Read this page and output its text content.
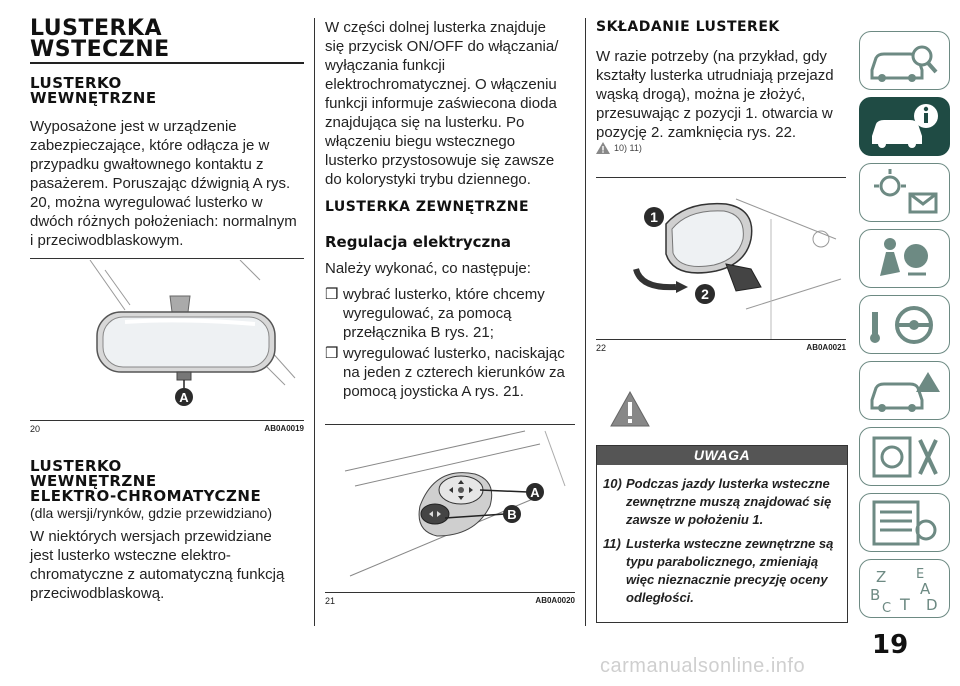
LUSTERKA
WSTECZNE
LUSTERKO
WEWNĘTRZNE

Wyposażone jest w urządzenie zabezpieczające, które odłącza je w przypadku gwałtownego kontaktu z pasażerem. Poruszając dźwignią A rys. 20, można wyregulować lusterko w dwóch różnych położeniach: normalnym i przeciwodblaskowym.

A
20	AB0A0019
LUSTERKO
WEWNĘTRZNE
ELEKTRO-CHROMATYCZNE

(dla wersji/rynków, gdzie przewidziano)

W niektórych wersjach przewidziane jest lusterko wsteczne elektro-chromatyczne z automatyczną funkcją przeciwodblaskową.

W części dolnej lusterka znajduje się przycisk ON/OFF do włączania/ wyłączania funkcji elektrochromatycznej. O włączeniu funkcji informuje zaświecona dioda znajdująca się na lusterku. Po włączeniu biegu wstecznego lusterko przystosowuje się zawsze do kolorystyki trybu dziennego.

LUSTERKA ZEWNĘTRZNE
Regulacja elektryczna

Należy wykonać, co następuje:

❒ wybrać lusterko, które chcemy wyregulować, za pomocą przełącznika B rys. 21;
❒ wyregulować lusterko, naciskając na jeden z czterech kierunków za pomocą joysticka A rys. 21.
A
B
21	AB0A0020
SKŁADANIE LUSTEREK

W razie potrzeby (na przykład, gdy kształty lusterka utrudniają przejazd wąską drogą), można je złożyć, przesuwając z pozycji 1. otwarcia w pozycję 2. zamknięcia rys. 22.

10) 11)
1
2
22	AB0A0021
UWAGA
10) Podczas jazdy lusterka wsteczne zewnętrzne muszą znajdować się zawsze w położeniu 1.
11) Lusterka wsteczne zewnętrzne są typu parabolicznego, zmieniają więc nieznacznie precyzję oceny odległości.
Z E
B	A
C T D
19
carmanualsonline.info
